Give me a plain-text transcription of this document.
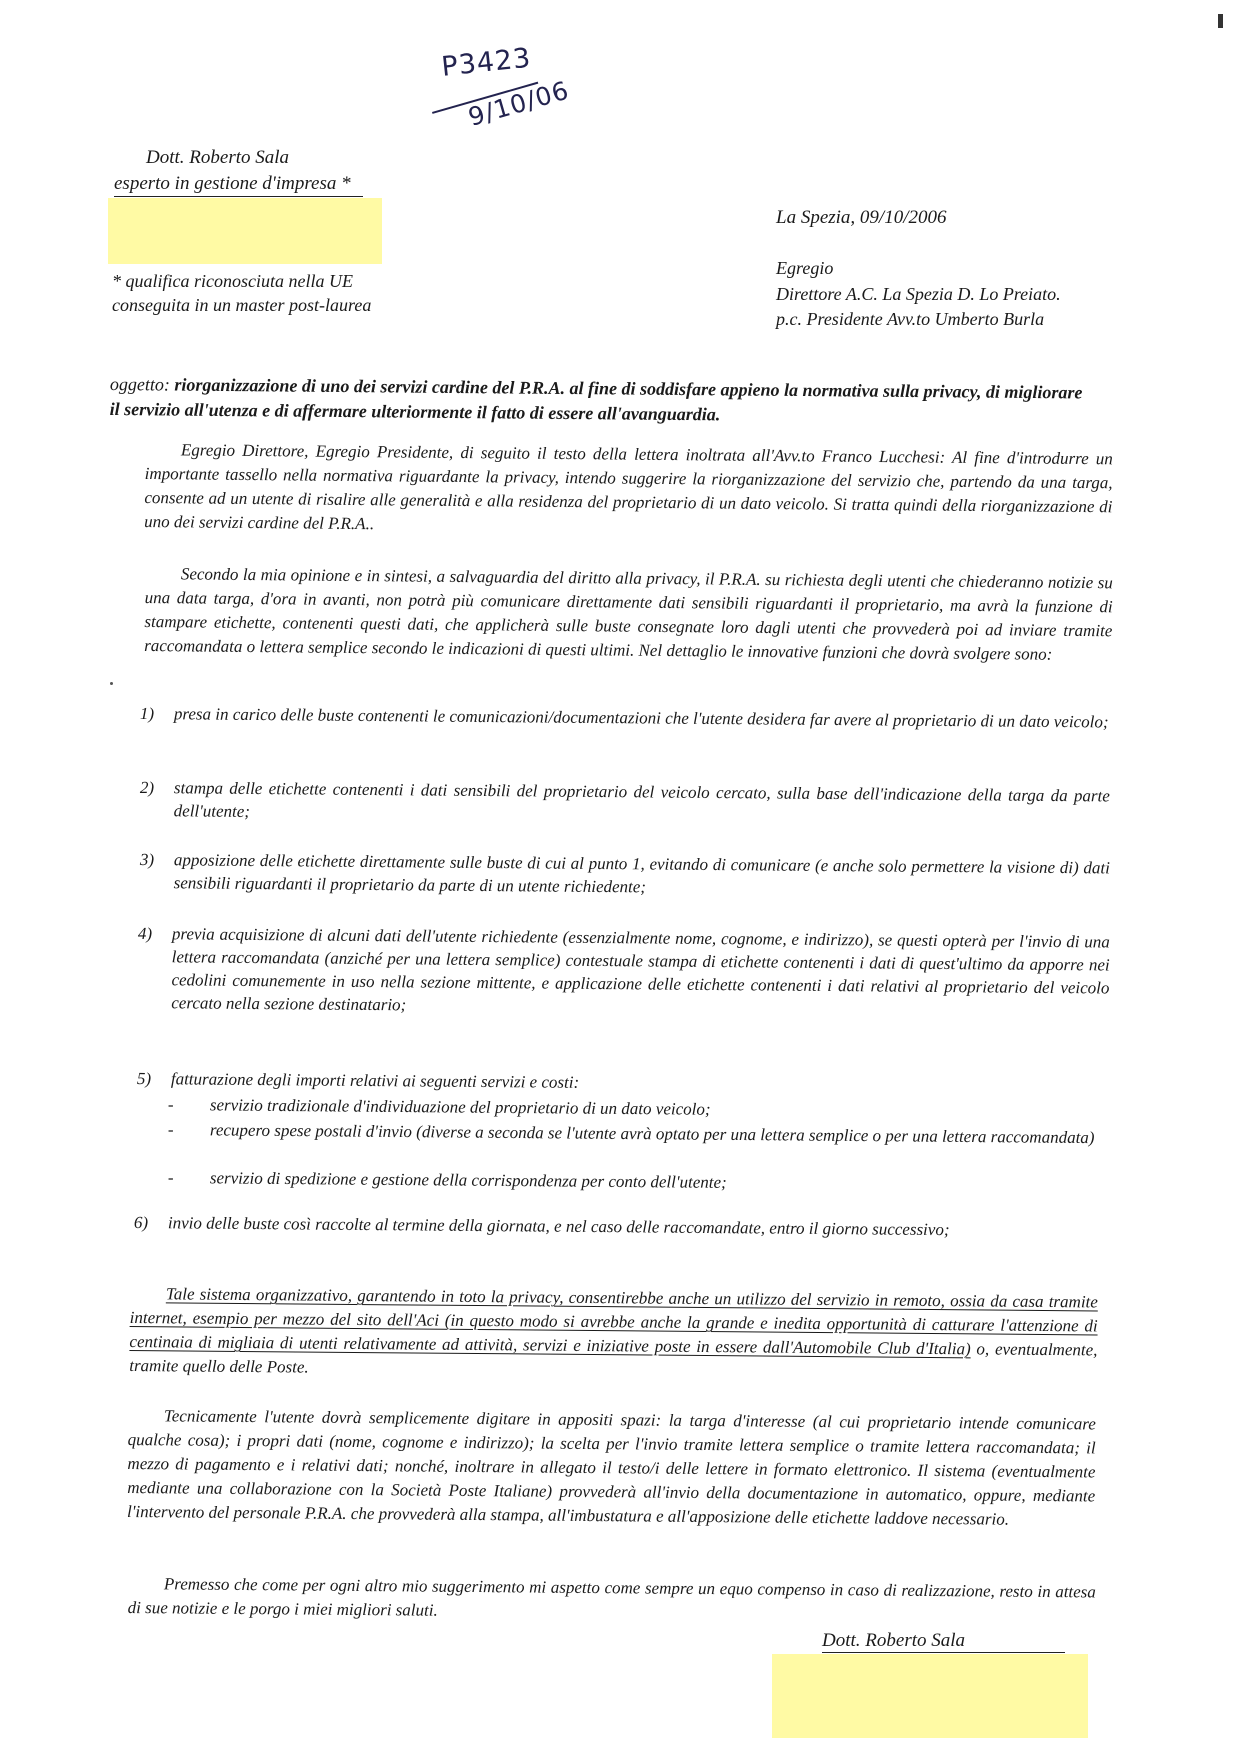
P3423
9/10/06
Dott. Roberto Sala
esperto in gestione d'impresa *
* qualifica riconosciuta nella UE
conseguita in un master post-laurea
La Spezia, 09/10/2006
Egregio
Direttore A.C. La Spezia D. Lo Preiato.
p.c. Presidente Avv.to Umberto Burla
oggetto: riorganizzazione di uno dei servizi cardine del P.R.A. al fine di soddisfare appieno la normativa sulla privacy, di migliorare il servizio all'utenza e di affermare ulteriormente il fatto di essere all'avanguardia.
Egregio Direttore, Egregio Presidente, di seguito il testo della lettera inoltrata all'Avv.to Franco Lucchesi: Al fine d'introdurre un importante tassello nella normativa riguardante la privacy, intendo suggerire la riorganizzazione del servizio che, partendo da una targa, consente ad un utente di risalire alle generalità e alla residenza del proprietario di un dato veicolo. Si tratta quindi della riorganizzazione di uno dei servizi cardine del P.R.A..
Secondo la mia opinione e in sintesi, a salvaguardia del diritto alla privacy, il P.R.A. su richiesta degli utenti che chiederanno notizie su una data targa, d'ora in avanti, non potrà più comunicare direttamente dati sensibili riguardanti il proprietario, ma avrà la funzione di stampare etichette, contenenti questi dati, che applicherà sulle buste consegnate loro dagli utenti che provvederà poi ad inviare tramite raccomandata o lettera semplice secondo le indicazioni di questi ultimi. Nel dettaglio le innovative funzioni che dovrà svolgere sono:
1) presa in carico delle buste contenenti le comunicazioni/documentazioni che l'utente desidera far avere al proprietario di un dato veicolo;
2) stampa delle etichette contenenti i dati sensibili del proprietario del veicolo cercato, sulla base dell'indicazione della targa da parte dell'utente;
3) apposizione delle etichette direttamente sulle buste di cui al punto 1, evitando di comunicare (e anche solo permettere la visione di) dati sensibili riguardanti il proprietario da parte di un utente richiedente;
4) previa acquisizione di alcuni dati dell'utente richiedente (essenzialmente nome, cognome, e indirizzo), se questi opterà per l'invio di una lettera raccomandata (anziché per una lettera semplice) contestuale stampa di etichette contenenti i dati di quest'ultimo da apporre nei cedolini comunemente in uso nella sezione mittente, e applicazione delle etichette contenenti i dati relativi al proprietario del veicolo cercato nella sezione destinatario;
5) fatturazione degli importi relativi ai seguenti servizi e costi:
- servizio tradizionale d'individuazione del proprietario di un dato veicolo;
- recupero spese postali d'invio (diverse a seconda se l'utente avrà optato per una lettera semplice o per una lettera raccomandata)
- servizio di spedizione e gestione della corrispondenza per conto dell'utente;
6) invio delle buste così raccolte al termine della giornata, e nel caso delle raccomandate, entro il giorno successivo;
Tale sistema organizzativo, garantendo in toto la privacy, consentirebbe anche un utilizzo del servizio in remoto, ossia da casa tramite internet, esempio per mezzo del sito dell'Aci (in questo modo si avrebbe anche la grande e inedita opportunità di catturare l'attenzione di centinaia di migliaia di utenti relativamente ad attività, servizi e iniziative poste in essere dall'Automobile Club d'Italia) o, eventualmente, tramite quello delle Poste.
Tecnicamente l'utente dovrà semplicemente digitare in appositi spazi: la targa d'interesse (al cui proprietario intende comunicare qualche cosa); i propri dati (nome, cognome e indirizzo); la scelta per l'invio tramite lettera semplice o tramite lettera raccomandata; il mezzo di pagamento e i relativi dati; nonché, inoltrare in allegato il testo/i delle lettere in formato elettronico. Il sistema (eventualmente mediante una collaborazione con la Società Poste Italiane) provvederà all'invio della documentazione in automatico, oppure, mediante l'intervento del personale P.R.A. che provvederà alla stampa, all'imbustatura e all'apposizione delle etichette laddove necessario.
Premesso che come per ogni altro mio suggerimento mi aspetto come sempre un equo compenso in caso di realizzazione, resto in attesa di sue notizie e le porgo i miei migliori saluti.
Dott. Roberto Sala
